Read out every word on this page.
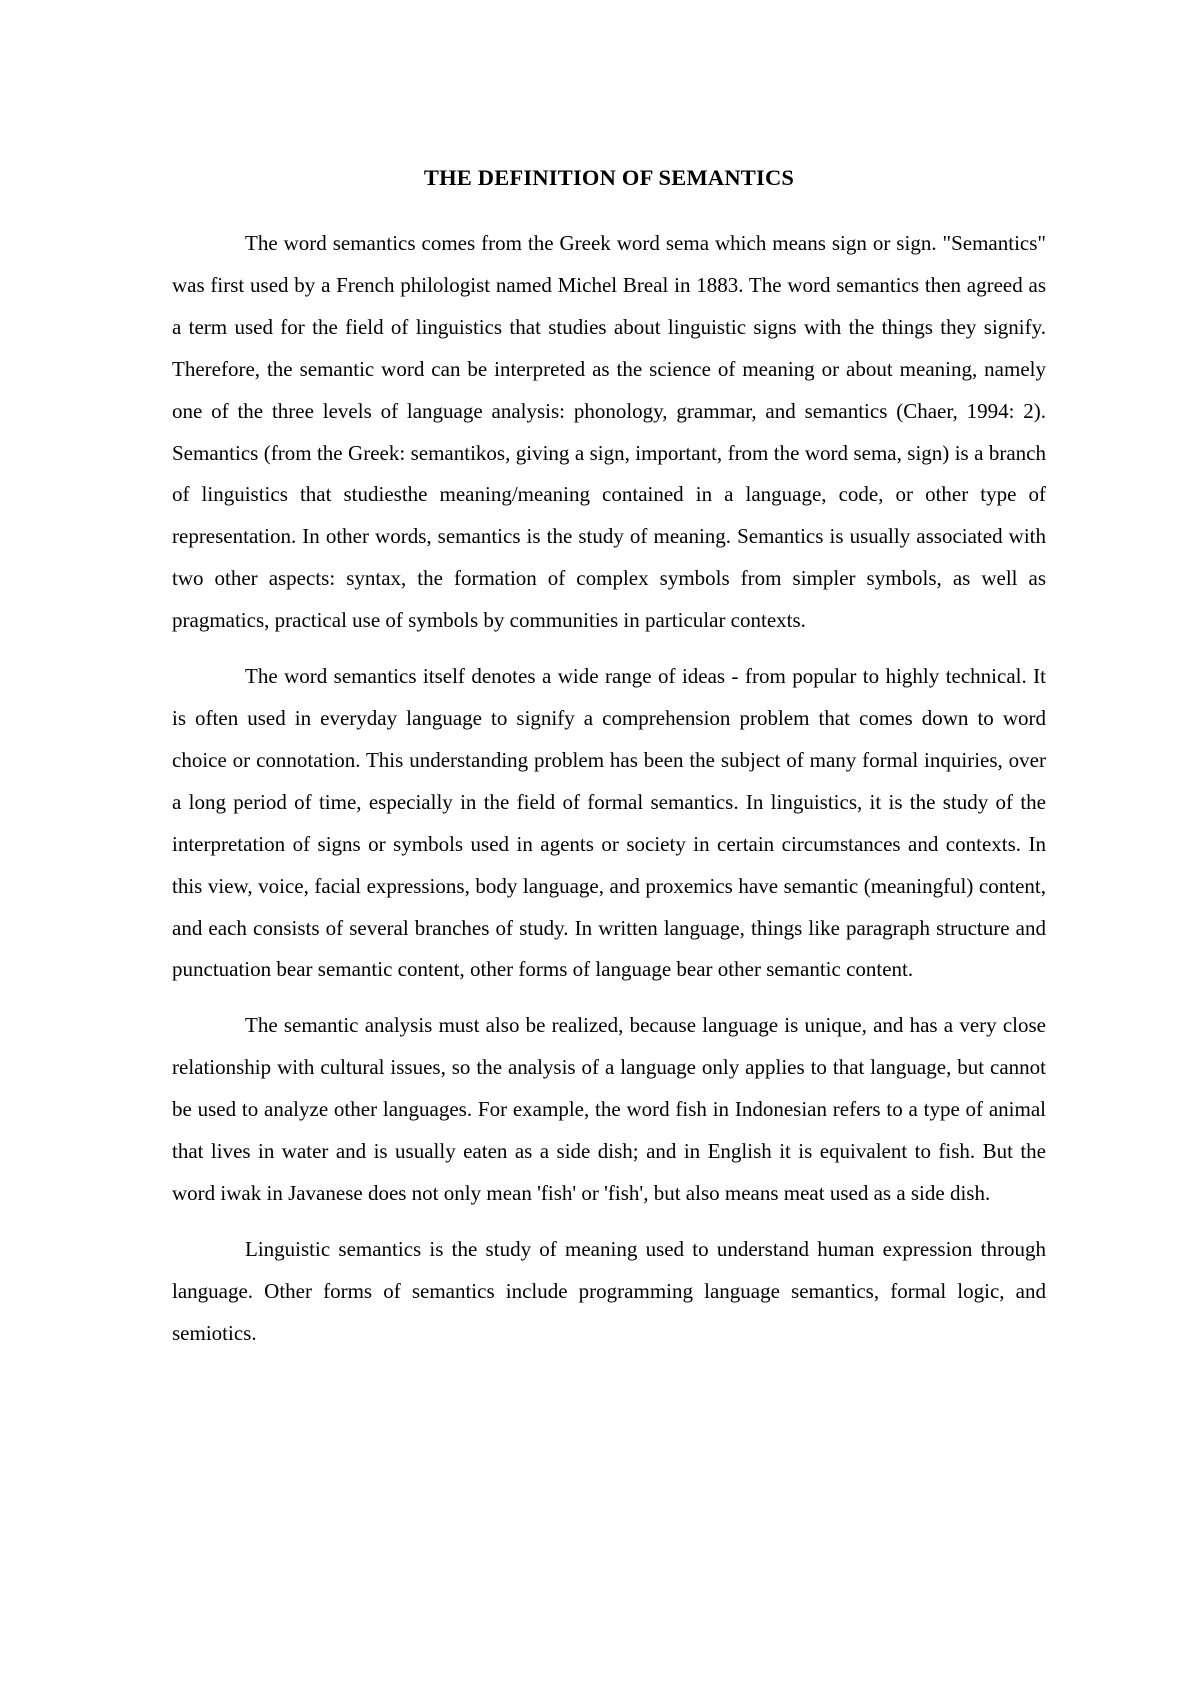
THE DEFINITION OF SEMANTICS

The word semantics comes from the Greek word sema which means sign or sign. "Semantics" was first used by a French philologist named Michel Breal in 1883. The word semantics then agreed as a term used for the field of linguistics that studies about linguistic signs with the things they signify. Therefore, the semantic word can be interpreted as the science of meaning or about meaning, namely one of the three levels of language analysis: phonology, grammar, and semantics (Chaer, 1994: 2). Semantics (from the Greek: semantikos, giving a sign, important, from the word sema, sign) is a branch of linguistics that studiesthe meaning/meaning contained in a language, code, or other type of representation. In other words, semantics is the study of meaning. Semantics is usually associated with two other aspects: syntax, the formation of complex symbols from simpler symbols, as well as pragmatics, practical use of symbols by communities in particular contexts.

The word semantics itself denotes a wide range of ideas - from popular to highly technical. It is often used in everyday language to signify a comprehension problem that comes down to word choice or connotation. This understanding problem has been the subject of many formal inquiries, over a long period of time, especially in the field of formal semantics. In linguistics, it is the study of the interpretation of signs or symbols used in agents or society in certain circumstances and contexts. In this view, voice, facial expressions, body language, and proxemics have semantic (meaningful) content, and each consists of several branches of study. In written language, things like paragraph structure and punctuation bear semantic content, other forms of language bear other semantic content.

The semantic analysis must also be realized, because language is unique, and has a very close relationship with cultural issues, so the analysis of a language only applies to that language, but cannot be used to analyze other languages. For example, the word fish in Indonesian refers to a type of animal that lives in water and is usually eaten as a side dish; and in English it is equivalent to fish. But the word iwak in Javanese does not only mean 'fish' or 'fish', but also means meat used as a side dish.

Linguistic semantics is the study of meaning used to understand human expression through language. Other forms of semantics include programming language semantics, formal logic, and semiotics.
